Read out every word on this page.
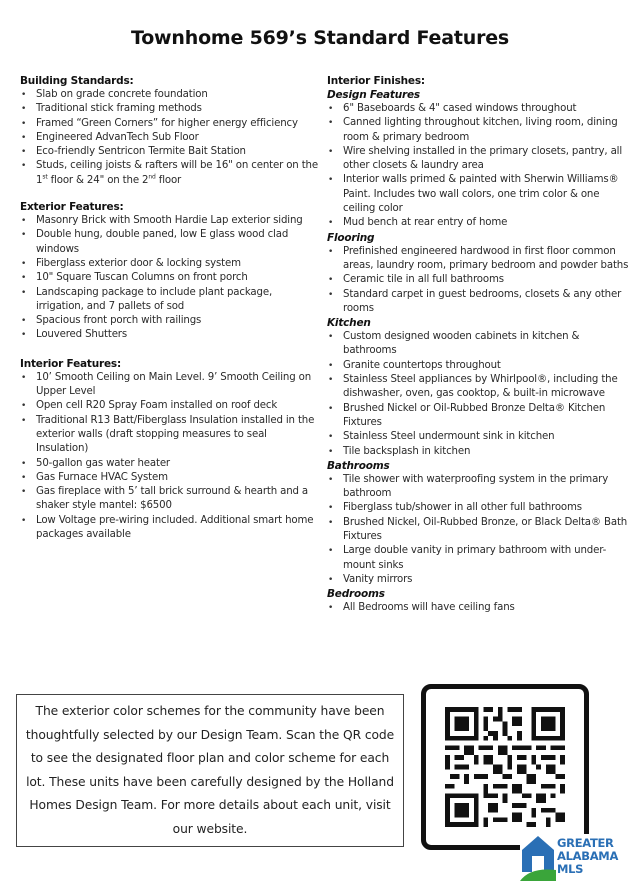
Townhome 569’s Standard Features
Building Standards:
• Slab on grade concrete foundation
• Traditional stick framing methods
• Framed “Green Corners” for higher energy efficiency
• Engineered AdvanTech Sub Floor
• Eco-friendly Sentricon Termite Bait Station
• Studs, ceiling joists & rafters will be 16" on center on the 1st floor & 24" on the 2nd floor
Exterior Features:
• Masonry Brick with Smooth Hardie Lap exterior siding
• Double hung, double paned, low E glass wood clad windows
• Fiberglass exterior door & locking system
• 10" Square Tuscan Columns on front porch
• Landscaping package to include plant package, irrigation, and 7 pallets of sod
• Spacious front porch with railings
• Louvered Shutters
Interior Features:
• 10’ Smooth Ceiling on Main Level. 9’ Smooth Ceiling on Upper Level
• Open cell R20 Spray Foam installed on roof deck
• Traditional R13 Batt/Fiberglass Insulation installed in the exterior walls (draft stopping measures to seal Insulation)
• 50-gallon gas water heater
• Gas Furnace HVAC System
• Gas fireplace with 5’ tall brick surround & hearth and a shaker style mantel: $6500
• Low Voltage pre-wiring included. Additional smart home packages available
Interior Finishes:
Design Features
• 6" Baseboards & 4" cased windows throughout
• Canned lighting throughout kitchen, living room, dining room & primary bedroom
• Wire shelving installed in the primary closets, pantry, all other closets & laundry area
• Interior walls primed & painted with Sherwin Williams® Paint. Includes two wall colors, one trim color & one ceiling color
• Mud bench at rear entry of home
Flooring
• Prefinished engineered hardwood in first floor common areas, laundry room, primary bedroom and powder baths
• Ceramic tile in all full bathrooms
• Standard carpet in guest bedrooms, closets & any other rooms
Kitchen
• Custom designed wooden cabinets in kitchen & bathrooms
• Granite countertops throughout
• Stainless Steel appliances by Whirlpool®, including the dishwasher, oven, gas cooktop, & built-in microwave
• Brushed Nickel or Oil-Rubbed Bronze Delta® Kitchen Fixtures
• Stainless Steel undermount sink in kitchen
• Tile backsplash in kitchen
Bathrooms
• Tile shower with waterproofing system in the primary bathroom
• Fiberglass tub/shower in all other full bathrooms
• Brushed Nickel, Oil-Rubbed Bronze, or Black Delta® Bath Fixtures
• Large double vanity in primary bathroom with under-mount sinks
• Vanity mirrors
Bedrooms
• All Bedrooms will have ceiling fans
The exterior color schemes for the community have been thoughtfully selected by our Design Team. Scan the QR code to see the designated floor plan and color scheme for each lot. These units have been carefully designed by the Holland Homes Design Team. For more details about each unit, visit our website.
GREATER
ALABAMA
MLS
